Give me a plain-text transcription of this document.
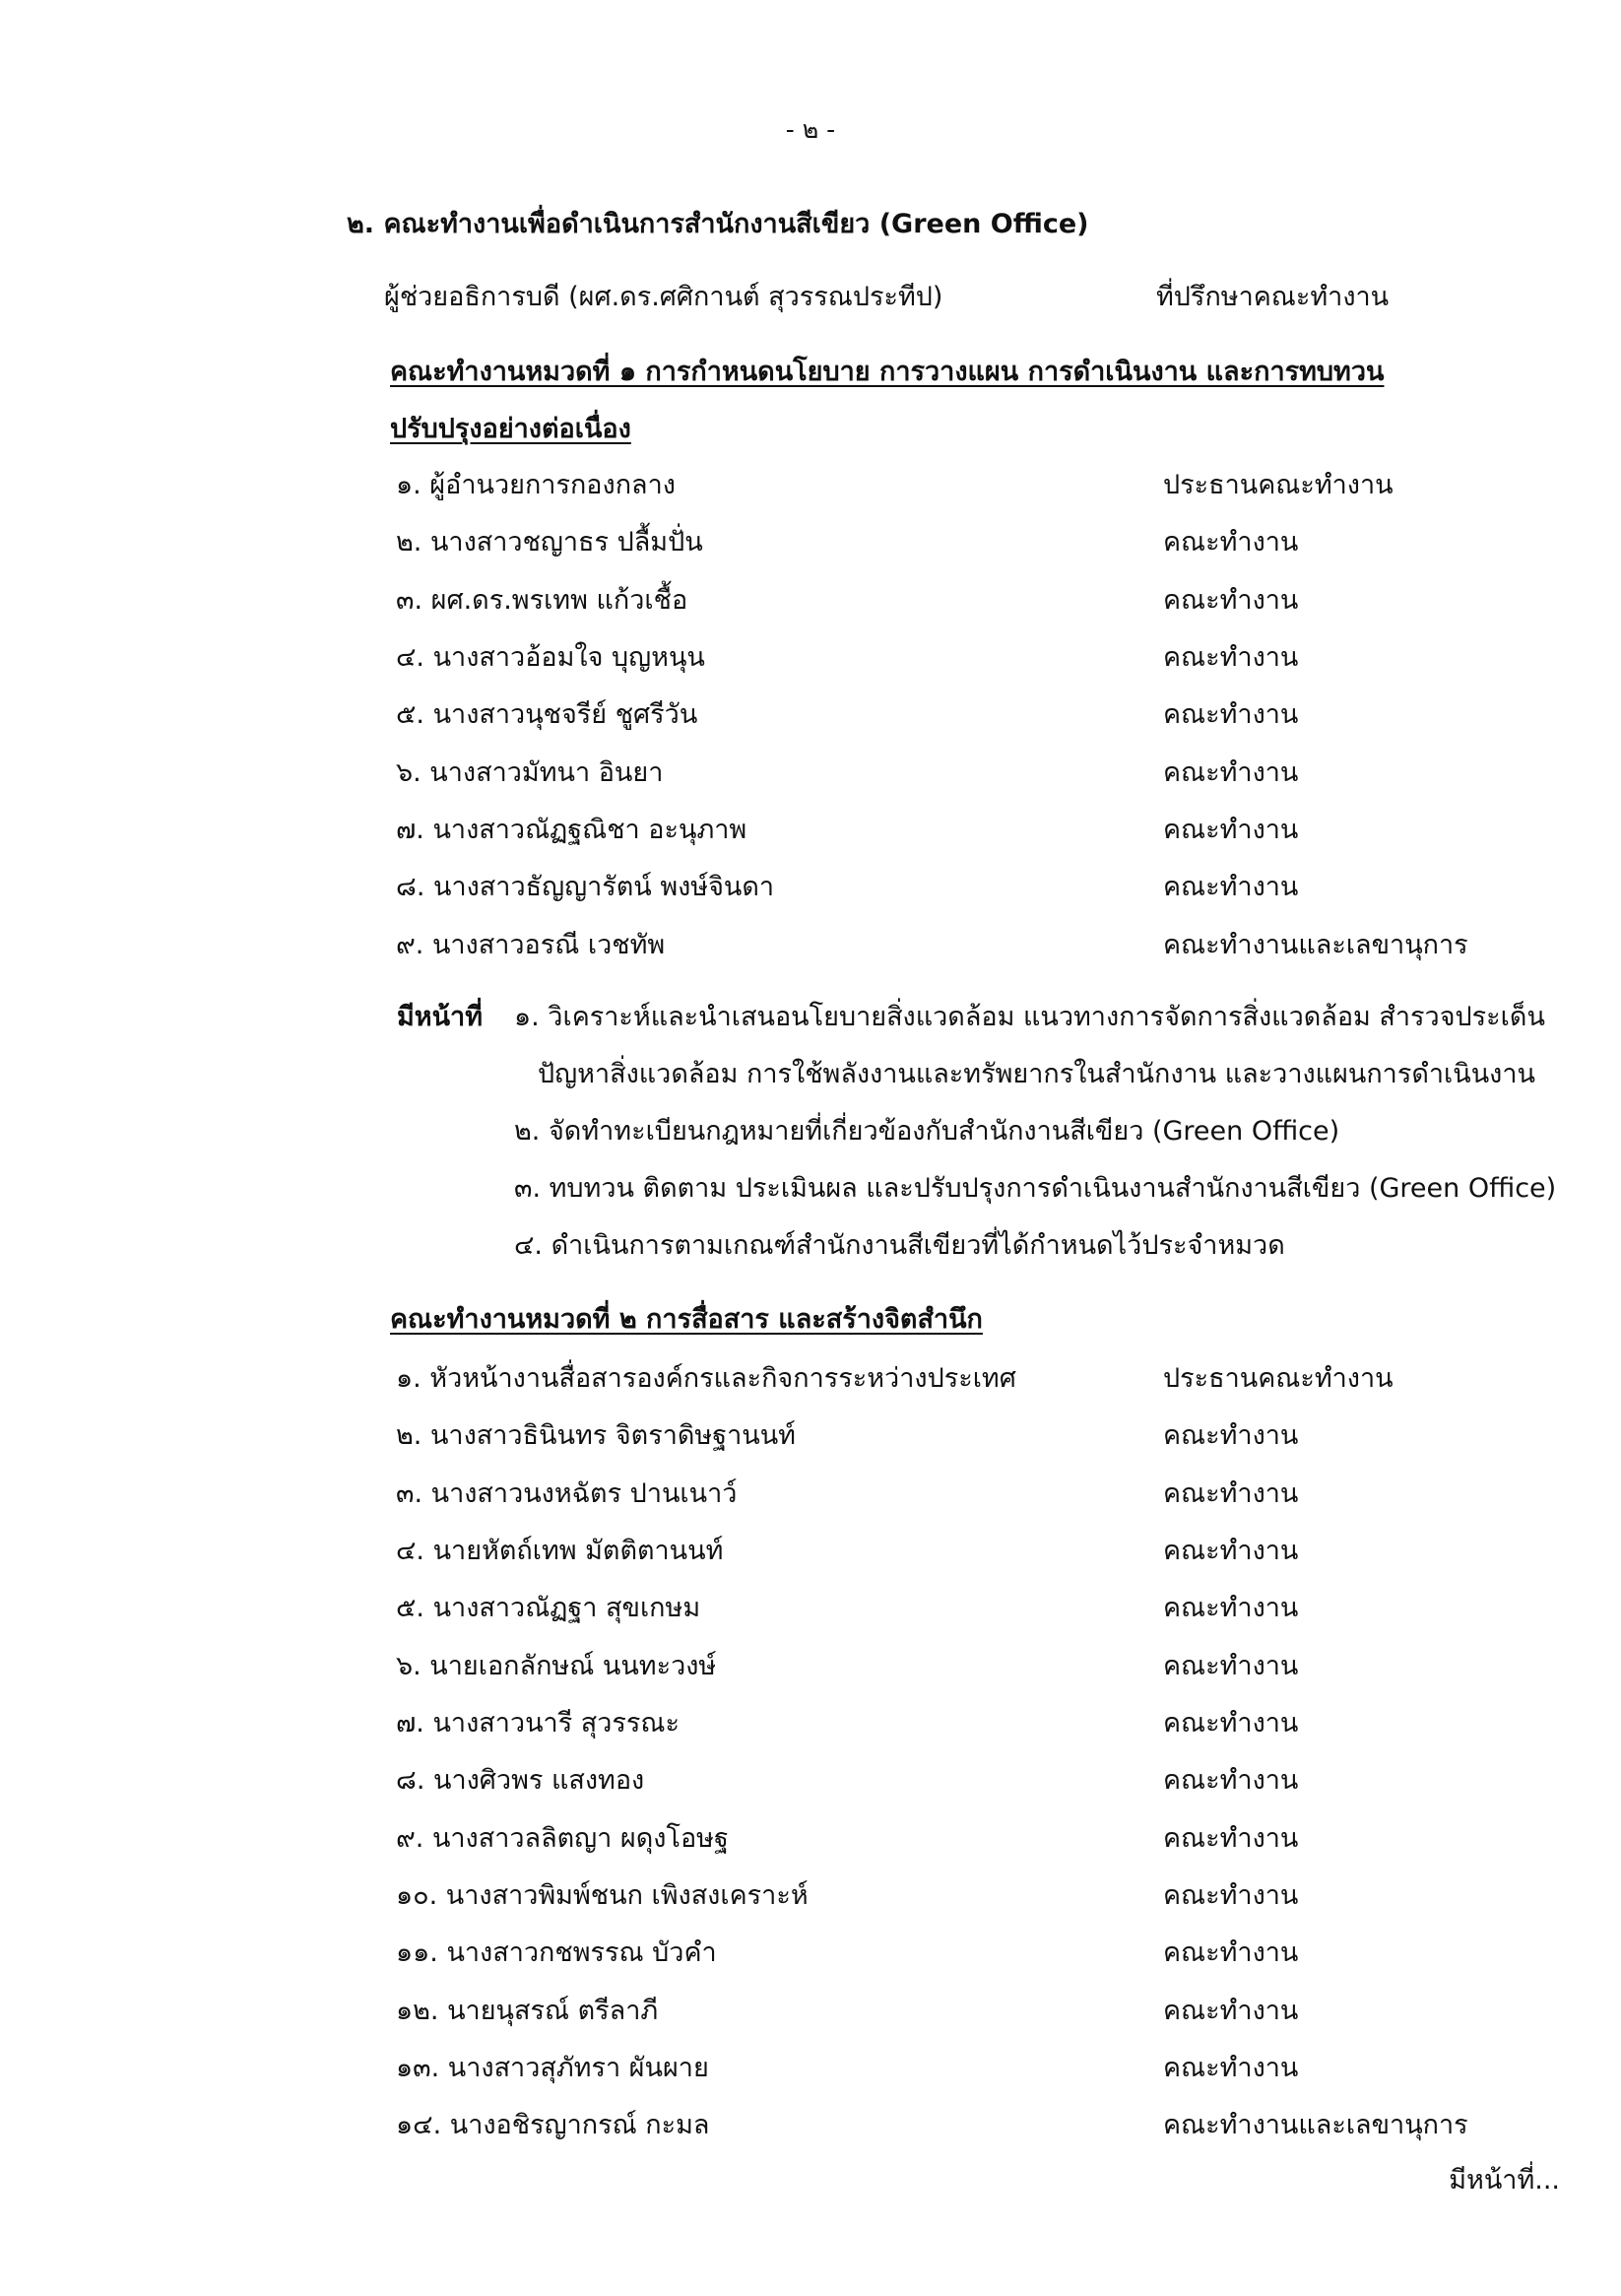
- ๒ -
๒. คณะทำงานเพื่อดำเนินการสำนักงานสีเขียว (Green Office)
ผู้ช่วยอธิการบดี (ผศ.ดร.ศศิกานต์ สุวรรณประทีป)	ที่ปรึกษาคณะทำงาน
คณะทำงานหมวดที่ ๑ การกำหนดนโยบาย การวางแผน การดำเนินงาน และการทบทวน
ปรับปรุงอย่างต่อเนื่อง
๑. ผู้อำนวยการกองกลาง	ประธานคณะทำงาน
๒. นางสาวชญาธร ปลื้มปั่น	คณะทำงาน
๓. ผศ.ดร.พรเทพ แก้วเชื้อ	คณะทำงาน
๔. นางสาวอ้อมใจ บุญหนุน	คณะทำงาน
๕. นางสาวนุชจรีย์ ชูศรีวัน	คณะทำงาน
๖. นางสาวมัทนา อินยา	คณะทำงาน
๗. นางสาวณัฏฐณิชา อะนุภาพ	คณะทำงาน
๘. นางสาวธัญญารัตน์ พงษ์จินดา	คณะทำงาน
๙. นางสาวอรณี เวชทัพ	คณะทำงานและเลขานุการ
มีหน้าที่ ๑. วิเคราะห์และนำเสนอนโยบายสิ่งแวดล้อม แนวทางการจัดการสิ่งแวดล้อม สำรวจประเด็น
ปัญหาสิ่งแวดล้อม การใช้พลังงานและทรัพยากรในสำนักงาน และวางแผนการดำเนินงาน
๒. จัดทำทะเบียนกฎหมายที่เกี่ยวข้องกับสำนักงานสีเขียว (Green Office)
๓. ทบทวน ติดตาม ประเมินผล และปรับปรุงการดำเนินงานสำนักงานสีเขียว (Green Office)
๔. ดำเนินการตามเกณฑ์สำนักงานสีเขียวที่ได้กำหนดไว้ประจำหมวด
คณะทำงานหมวดที่ ๒ การสื่อสาร และสร้างจิตสำนึก
๑. หัวหน้างานสื่อสารองค์กรและกิจการระหว่างประเทศ	ประธานคณะทำงาน
๒. นางสาวธินินทร จิตราดิษฐานนท์	คณะทำงาน
๓. นางสาวนงหฉัตร ปานเนาว์	คณะทำงาน
๔. นายหัตถ์เทพ มัตติตานนท์	คณะทำงาน
๕. นางสาวณัฏฐา สุขเกษม	คณะทำงาน
๖. นายเอกลักษณ์ นนทะวงษ์	คณะทำงาน
๗. นางสาวนารี สุวรรณะ	คณะทำงาน
๘. นางศิวพร แสงทอง	คณะทำงาน
๙. นางสาวลลิตญา ผดุงโอษฐ	คณะทำงาน
๑๐. นางสาวพิมพ์ชนก เพิงสงเคราะห์	คณะทำงาน
๑๑. นางสาวกชพรรณ บัวคำ	คณะทำงาน
๑๒. นายนุสรณ์ ตรีลาภี	คณะทำงาน
๑๓. นางสาวสุภัทรา ผันผาย	คณะทำงาน
๑๔. นางอชิรญากรณ์ กะมล	คณะทำงานและเลขานุการ
มีหน้าที่...
